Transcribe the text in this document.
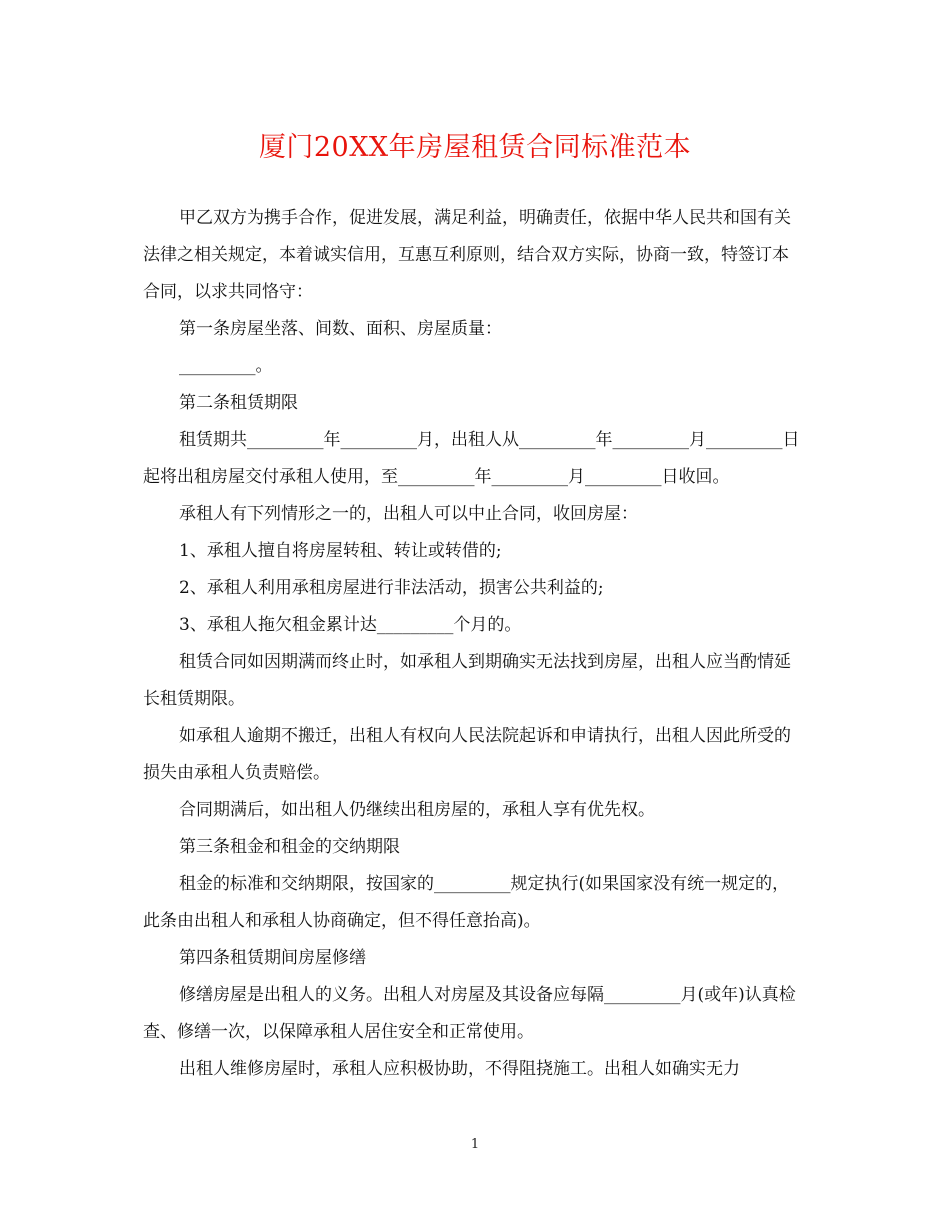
厦门20XX年房屋租赁合同标准范本

甲乙双方为携手合作，促进发展，满足利益，明确责任，依据中华人民共和国有关法律之相关规定，本着诚实信用，互惠互利原则，结合双方实际，协商一致，特签订本合同，以求共同恪守：

第一条房屋坐落、间数、面积、房屋质量：

_________。

第二条租赁期限

租赁期共_________年_________月，出租人从_________年_________月_________日起将出租房屋交付承租人使用，至_________年_________月_________日收回。

承租人有下列情形之一的，出租人可以中止合同，收回房屋：

1、承租人擅自将房屋转租、转让或转借的;

2、承租人利用承租房屋进行非法活动，损害公共利益的;

3、承租人拖欠租金累计达_________个月的。

租赁合同如因期满而终止时，如承租人到期确实无法找到房屋，出租人应当酌情延长租赁期限。

如承租人逾期不搬迁，出租人有权向人民法院起诉和申请执行，出租人因此所受的损失由承租人负责赔偿。

合同期满后，如出租人仍继续出租房屋的，承租人享有优先权。

第三条租金和租金的交纳期限

租金的标准和交纳期限，按国家的_________规定执行(如果国家没有统一规定的，此条由出租人和承租人协商确定，但不得任意抬高)。

第四条租赁期间房屋修缮

修缮房屋是出租人的义务。出租人对房屋及其设备应每隔_________月(或年)认真检查、修缮一次，以保障承租人居住安全和正常使用。

出租人维修房屋时，承租人应积极协助，不得阻挠施工。出租人如确实无力

1
